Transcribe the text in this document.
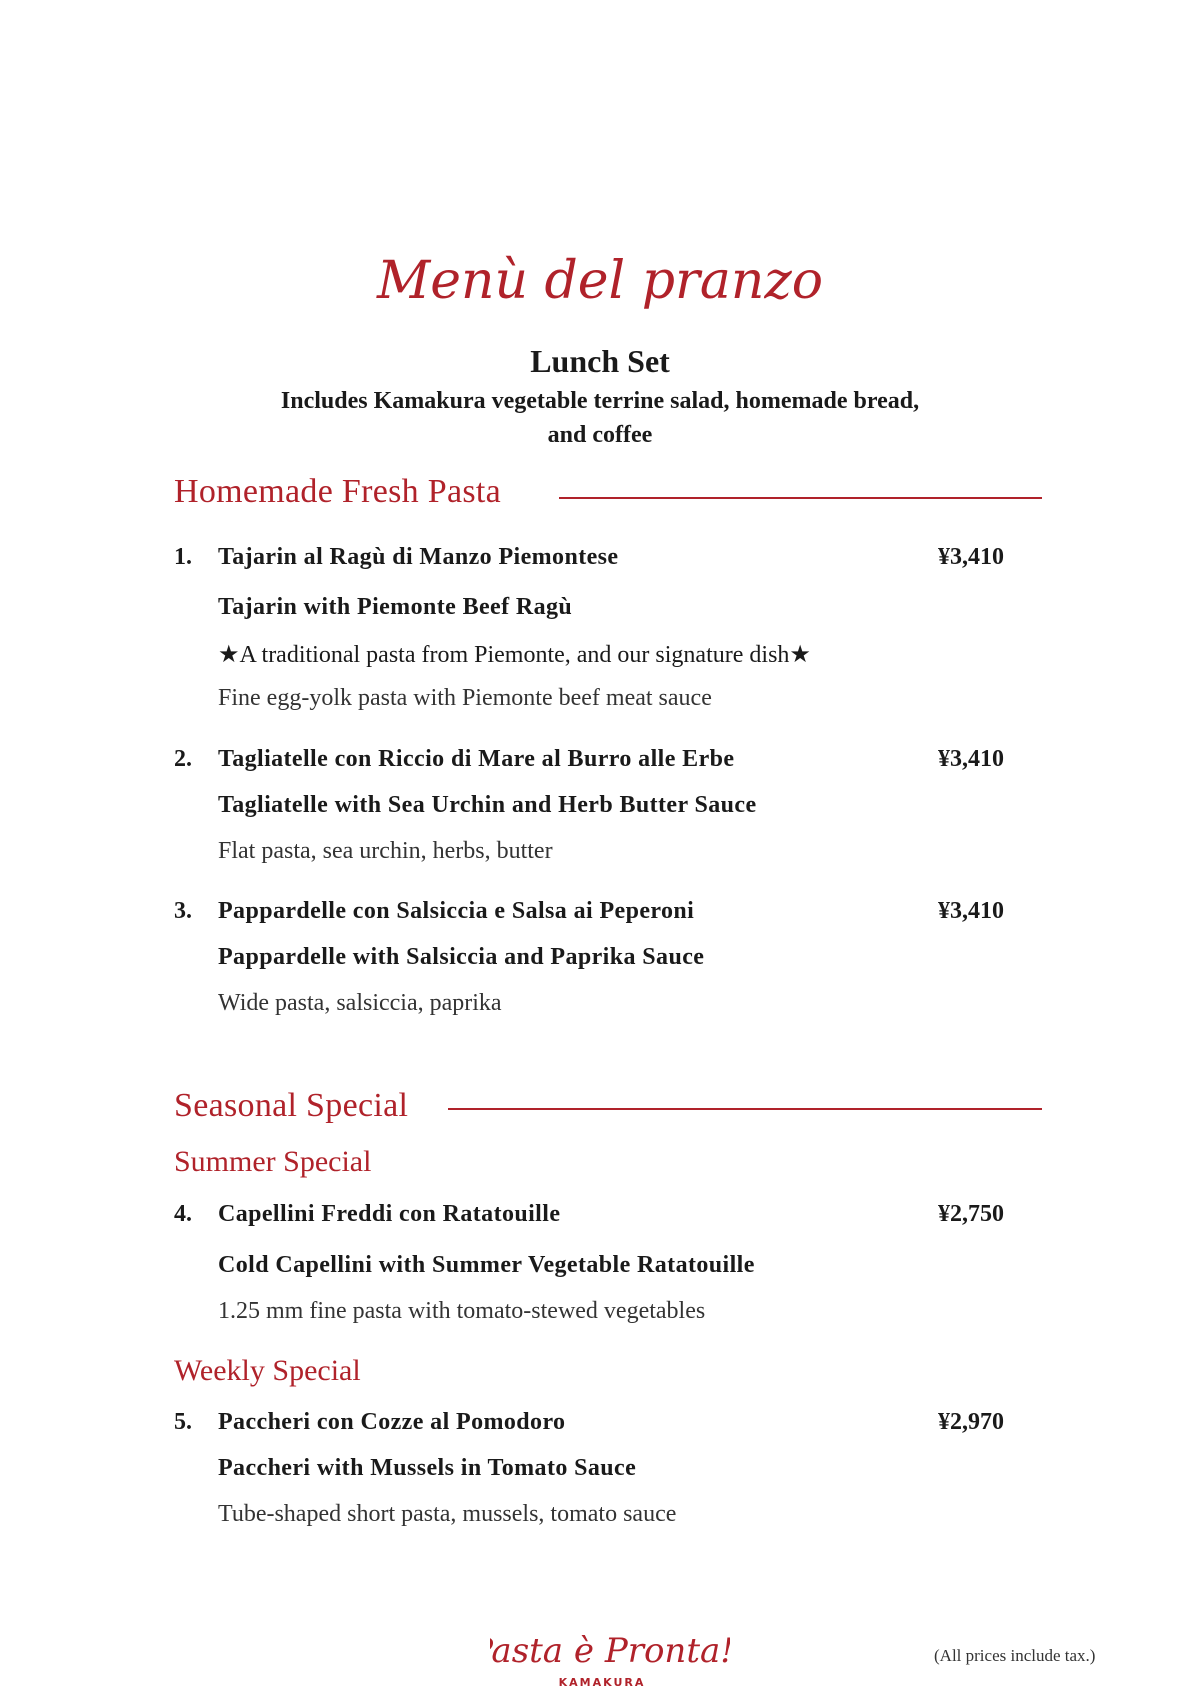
Menù del pranzo
Lunch Set
Includes Kamakura vegetable terrine salad, homemade bread,
and coffee
Homemade Fresh Pasta
1. Tajarin al Ragù di Manzo Piemontese	¥3,410
Tajarin with Piemonte Beef Ragù
★A traditional pasta from Piemonte, and our signature dish★
Fine egg-yolk pasta with Piemonte beef meat sauce
2. Tagliatelle con Riccio di Mare al Burro alle Erbe	¥3,410
Tagliatelle with Sea Urchin and Herb Butter Sauce
Flat pasta, sea urchin, herbs, butter
3. Pappardelle con Salsiccia e Salsa ai Peperoni	¥3,410
Pappardelle with Salsiccia and Paprika Sauce
Wide pasta, salsiccia, paprika
Seasonal Special
Summer Special
4. Capellini Freddi con Ratatouille	¥2,750
Cold Capellini with Summer Vegetable Ratatouille
1.25 mm fine pasta with tomato-stewed vegetables
Weekly Special
5. Paccheri con Cozze al Pomodoro	¥2,970
Paccheri with Mussels in Tomato Sauce
Tube-shaped short pasta, mussels, tomato sauce
Pasta è Pronta!
KAMAKURA
(All prices include tax.)
